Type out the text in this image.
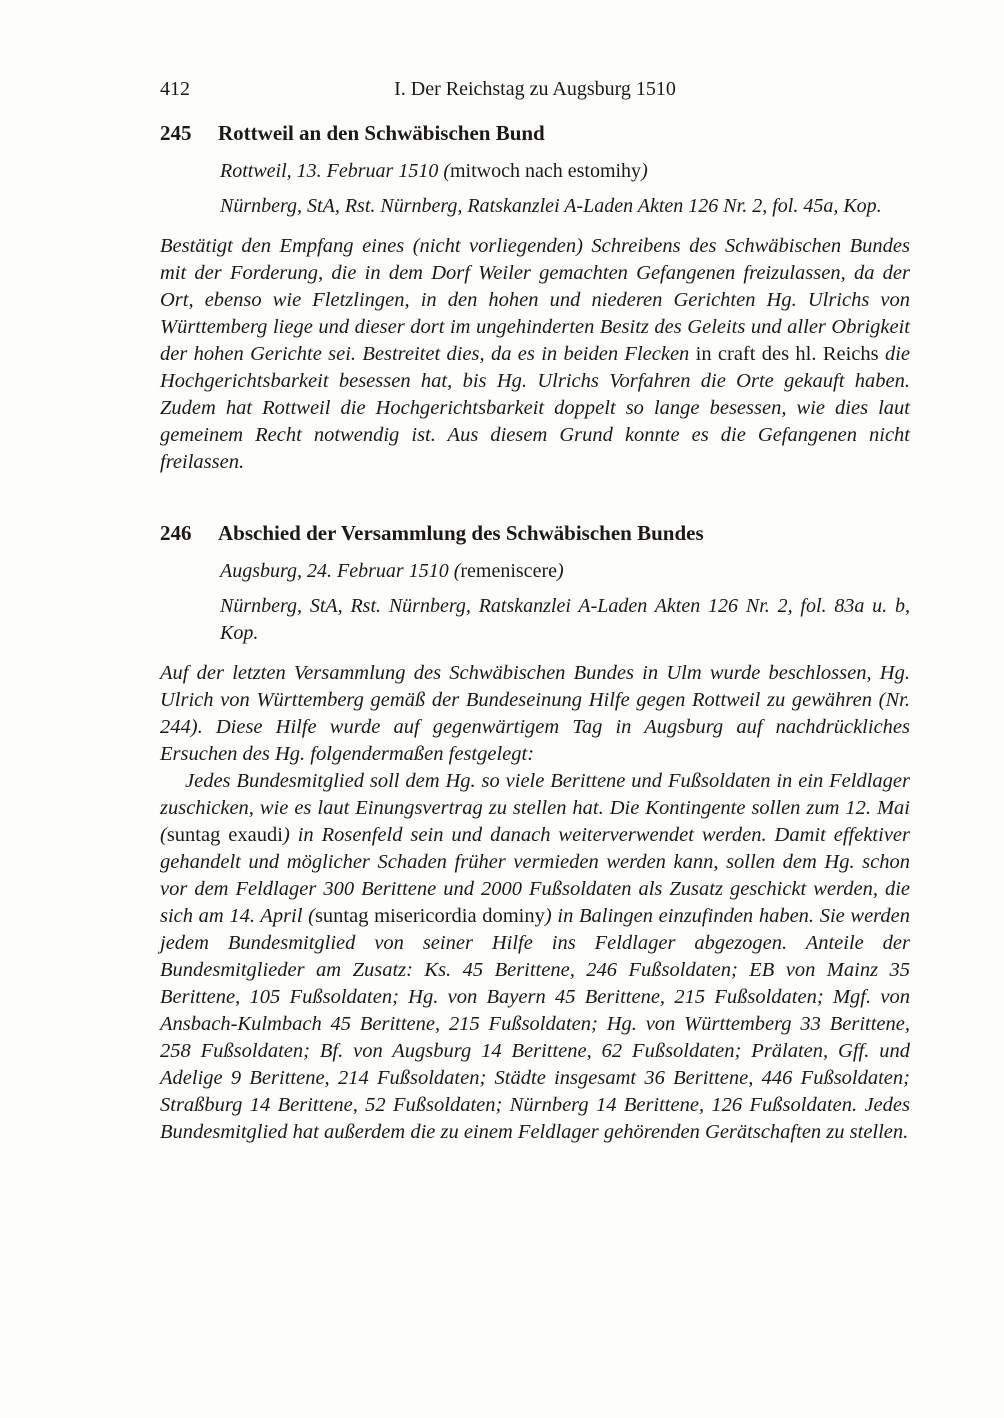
412	I. Der Reichstag zu Augsburg 1510
245	Rottweil an den Schwäbischen Bund

Rottweil, 13. Februar 1510 (mitwoch nach estomihy)

Nürnberg, StA, Rst. Nürnberg, Ratskanzlei A-Laden Akten 126 Nr. 2, fol. 45a, Kop.

Bestätigt den Empfang eines (nicht vorliegenden) Schreibens des Schwäbischen Bundes mit der Forderung, die in dem Dorf Weiler gemachten Gefangenen freizulassen, da der Ort, ebenso wie Fletzlingen, in den hohen und niederen Gerichten Hg. Ulrichs von Württemberg liege und dieser dort im ungehinderten Besitz des Geleits und aller Obrigkeit der hohen Gerichte sei. Bestreitet dies, da es in beiden Flecken in craft des hl. Reichs die Hochgerichtsbarkeit besessen hat, bis Hg. Ulrichs Vorfahren die Orte gekauft haben. Zudem hat Rottweil die Hochgerichtsbarkeit doppelt so lange besessen, wie dies laut gemeinem Recht notwendig ist. Aus diesem Grund konnte es die Gefangenen nicht freilassen.

246	Abschied der Versammlung des Schwäbischen Bundes

Augsburg, 24. Februar 1510 (remeniscere)

Nürnberg, StA, Rst. Nürnberg, Ratskanzlei A-Laden Akten 126 Nr. 2, fol. 83a u. b, Kop.

Auf der letzten Versammlung des Schwäbischen Bundes in Ulm wurde beschlossen, Hg. Ulrich von Württemberg gemäß der Bundeseinung Hilfe gegen Rottweil zu gewähren (Nr. 244). Diese Hilfe wurde auf gegenwärtigem Tag in Augsburg auf nachdrückliches Ersuchen des Hg. folgendermaßen festgelegt:

Jedes Bundesmitglied soll dem Hg. so viele Berittene und Fußsoldaten in ein Feldlager zuschicken, wie es laut Einungsvertrag zu stellen hat. Die Kontingente sollen zum 12. Mai (suntag exaudi) in Rosenfeld sein und danach weiterverwendet werden. Damit effektiver gehandelt und möglicher Schaden früher vermieden werden kann, sollen dem Hg. schon vor dem Feldlager 300 Berittene und 2000 Fußsoldaten als Zusatz geschickt werden, die sich am 14. April (suntag misericordia dominy) in Balingen einzufinden haben. Sie werden jedem Bundesmitglied von seiner Hilfe ins Feldlager abgezogen. Anteile der Bundesmitglieder am Zusatz: Ks. 45 Berittene, 246 Fußsoldaten; EB von Mainz 35 Berittene, 105 Fußsoldaten; Hg. von Bayern 45 Berittene, 215 Fußsoldaten; Mgf. von Ansbach-Kulmbach 45 Berittene, 215 Fußsoldaten; Hg. von Württemberg 33 Berittene, 258 Fußsoldaten; Bf. von Augsburg 14 Berittene, 62 Fußsoldaten; Prälaten, Gff. und Adelige 9 Berittene, 214 Fußsoldaten; Städte insgesamt 36 Berittene, 446 Fußsoldaten; Straßburg 14 Berittene, 52 Fußsoldaten; Nürnberg 14 Berittene, 126 Fußsoldaten. Jedes Bundesmitglied hat außerdem die zu einem Feldlager gehörenden Gerätschaften zu stellen.
